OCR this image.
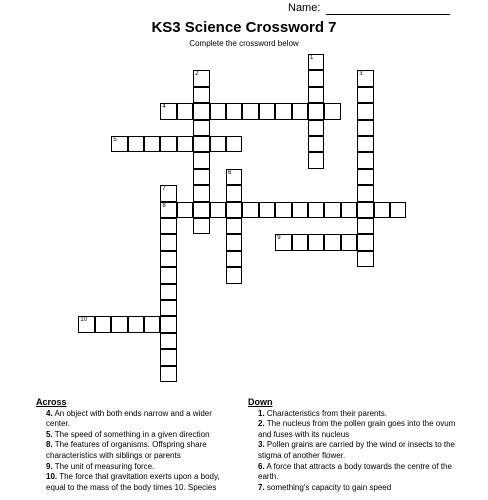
Name:
KS3 Science Crossword 7
Complete the crossword below
1
2	3
4
5
6
7
8
9
10
Across
4. An object with both ends narrow and a wider center.
5. The speed of something in a given direction
8. The features of organisms. Offspring share characteristics with siblings or parents
9. The unit of measuring force.
10. The force that gravitation exerts upon a body, equal to the mass of the body times 10. Species
Down
1. Characteristics from their parents.
2. The nucleus from the pollen grain goes into the ovum and fuses with its nucleus
3. Pollen grains are carried by the wind or insects to the stigma of another flower.
6. A force that attracts a body towards the centre of the earth.
7. something's capacity to gain speed
